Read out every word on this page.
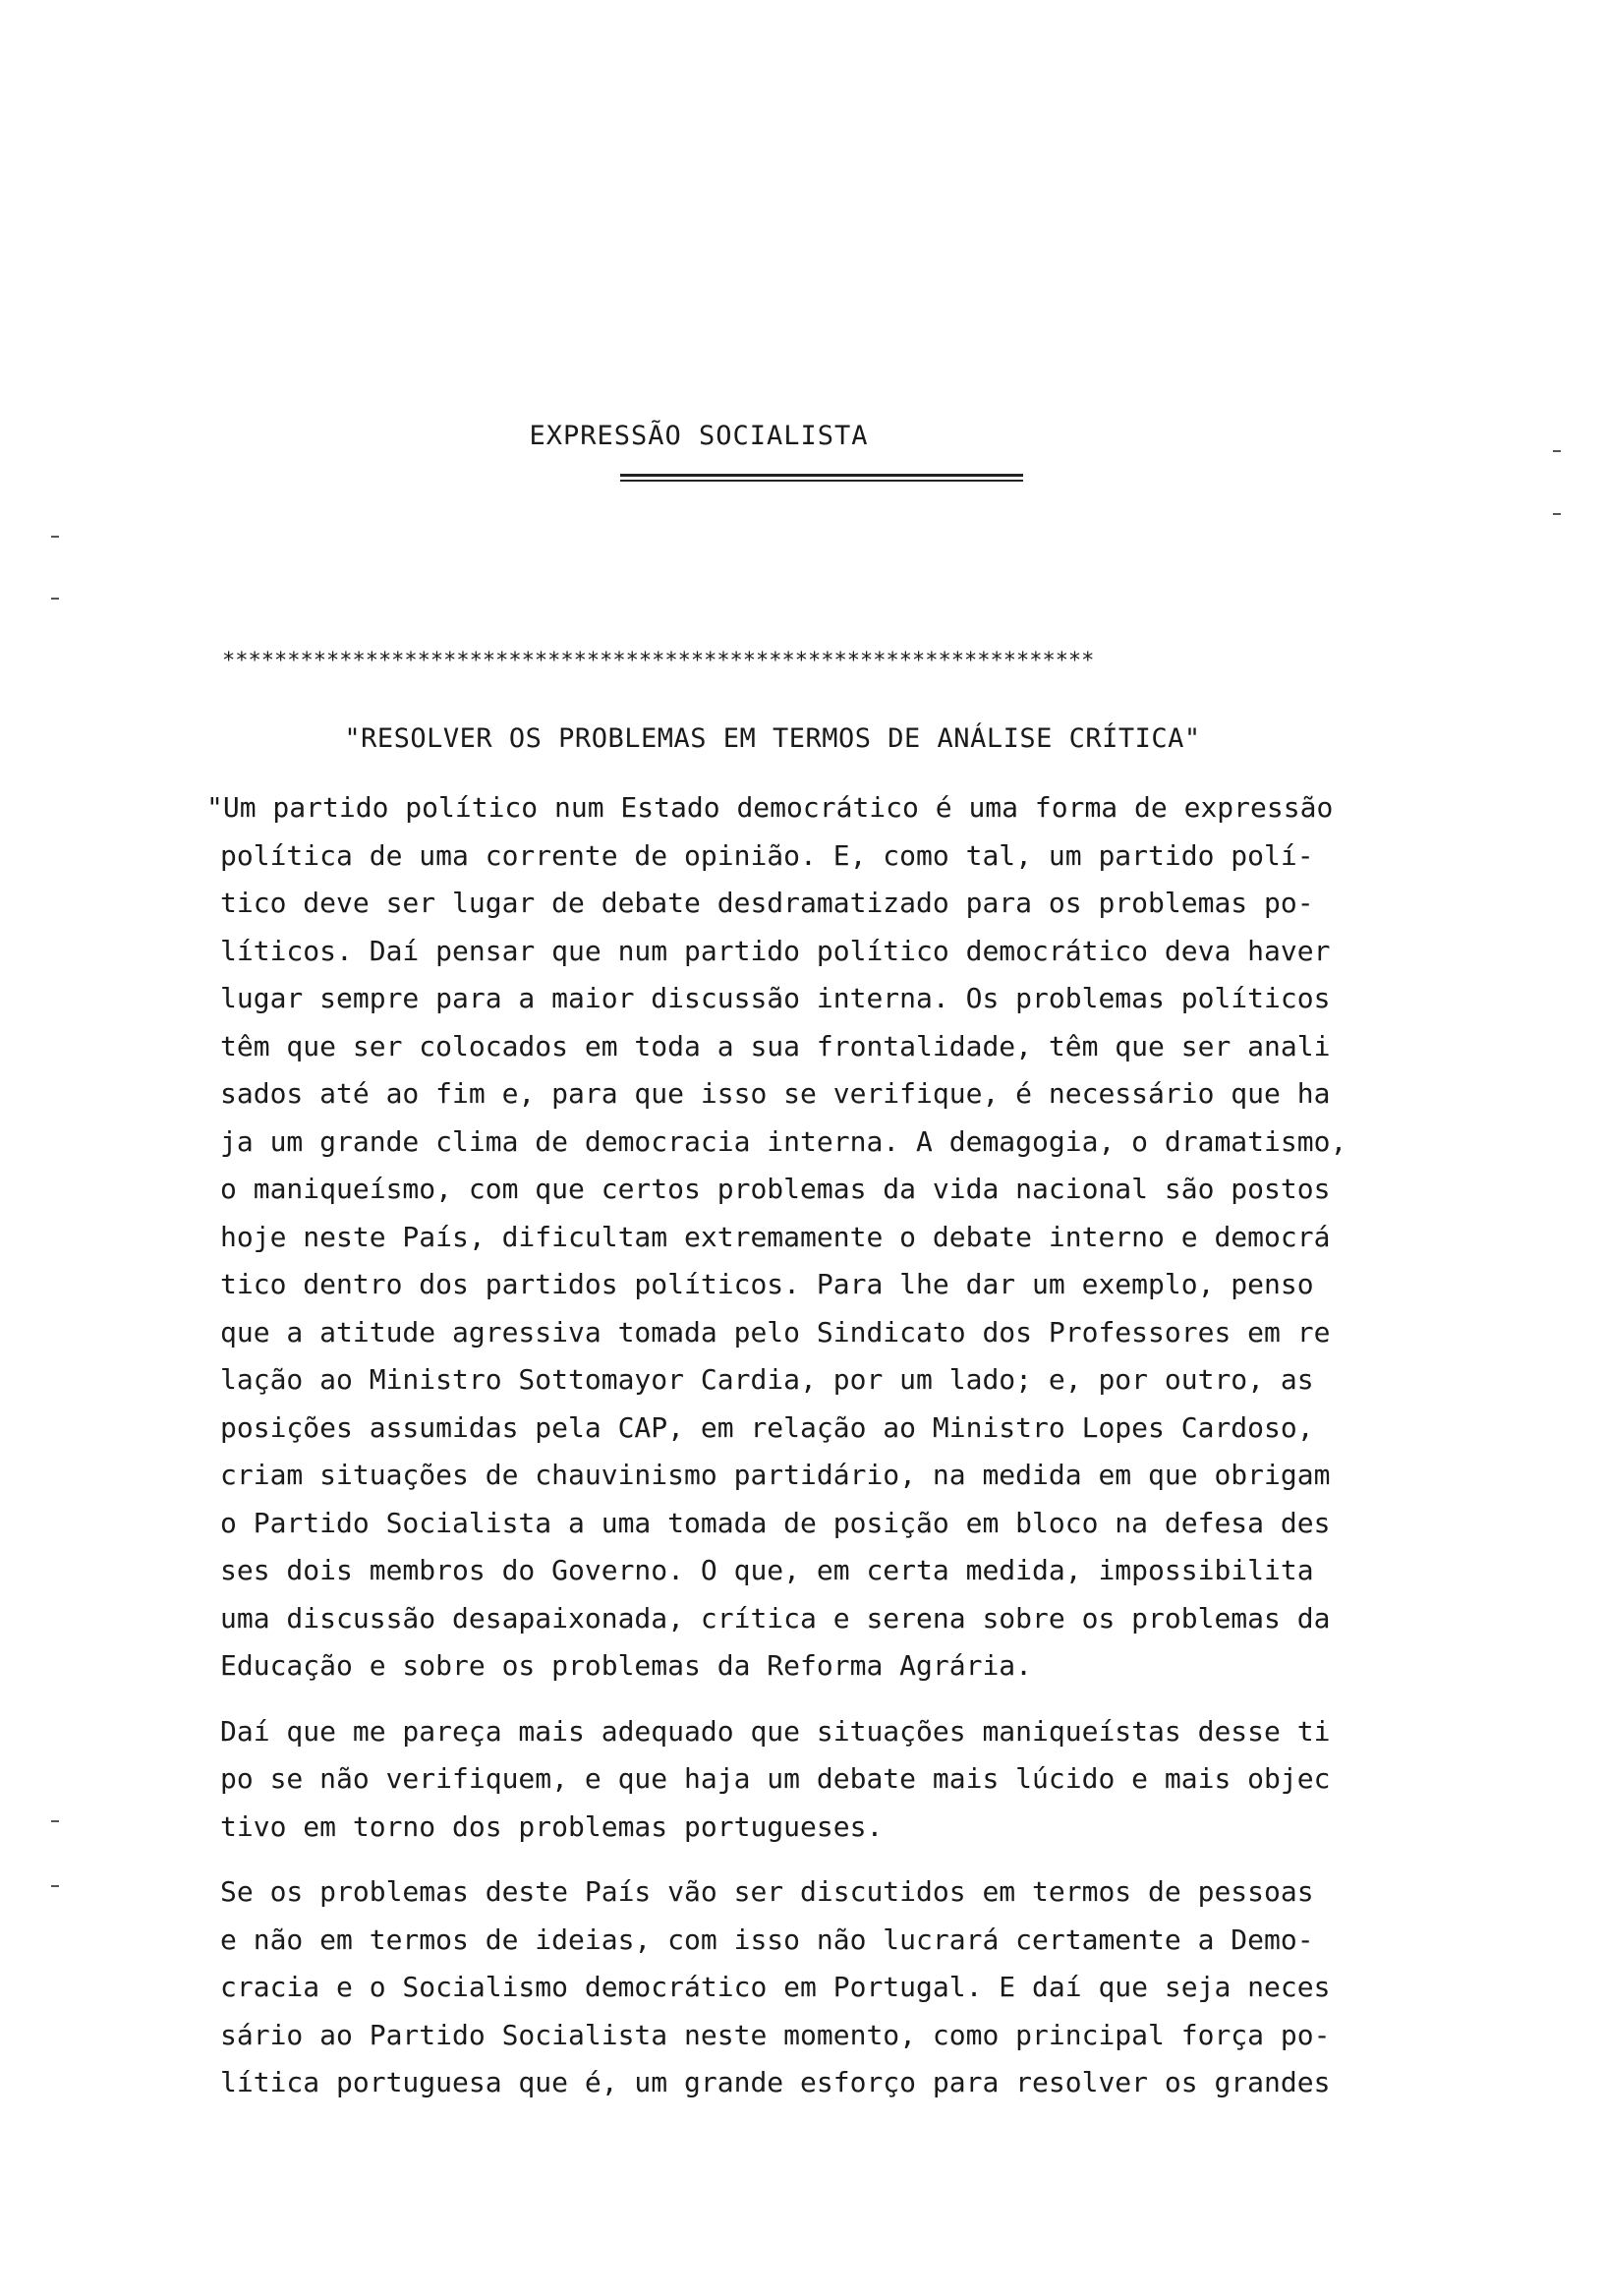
EXPRESSÃO SOCIALISTA
*******************************************************************
"RESOLVER OS PROBLEMAS EM TERMOS DE ANÁLISE CRÍTICA"

"Um partido político num Estado democrático é uma forma de expressão
política de uma corrente de opinião. E, como tal, um partido polí-
tico deve ser lugar de debate desdramatizado para os problemas po-
líticos. Daí pensar que num partido político democrático deva haver
lugar sempre para a maior discussão interna. Os problemas políticos
têm que ser colocados em toda a sua frontalidade, têm que ser anali
sados até ao fim e, para que isso se verifique, é necessário que ha
ja um grande clima de democracia interna. A demagogia, o dramatismo,
o maniqueísmo, com que certos problemas da vida nacional são postos
hoje neste País, dificultam extremamente o debate interno e democrá
tico dentro dos partidos políticos. Para lhe dar um exemplo, penso
que a atitude agressiva tomada pelo Sindicato dos Professores em re
lação ao Ministro Sottomayor Cardia, por um lado; e, por outro, as
posições assumidas pela CAP, em relação ao Ministro Lopes Cardoso,
criam situações de chauvinismo partidário, na medida em que obrigam
o Partido Socialista a uma tomada de posição em bloco na defesa des
ses dois membros do Governo. O que, em certa medida, impossibilita
uma discussão desapaixonada, crítica e serena sobre os problemas da
Educação e sobre os problemas da Reforma Agrária.

Daí que me pareça mais adequado que situações maniqueístas desse ti
po se não verifiquem, e que haja um debate mais lúcido e mais objec
tivo em torno dos problemas portugueses.

Se os problemas deste País vão ser discutidos em termos de pessoas
e não em termos de ideias, com isso não lucrará certamente a Demo-
cracia e o Socialismo democrático em Portugal. E daí que seja neces
sário ao Partido Socialista neste momento, como principal força po-
lítica portuguesa que é, um grande esforço para resolver os grandes
